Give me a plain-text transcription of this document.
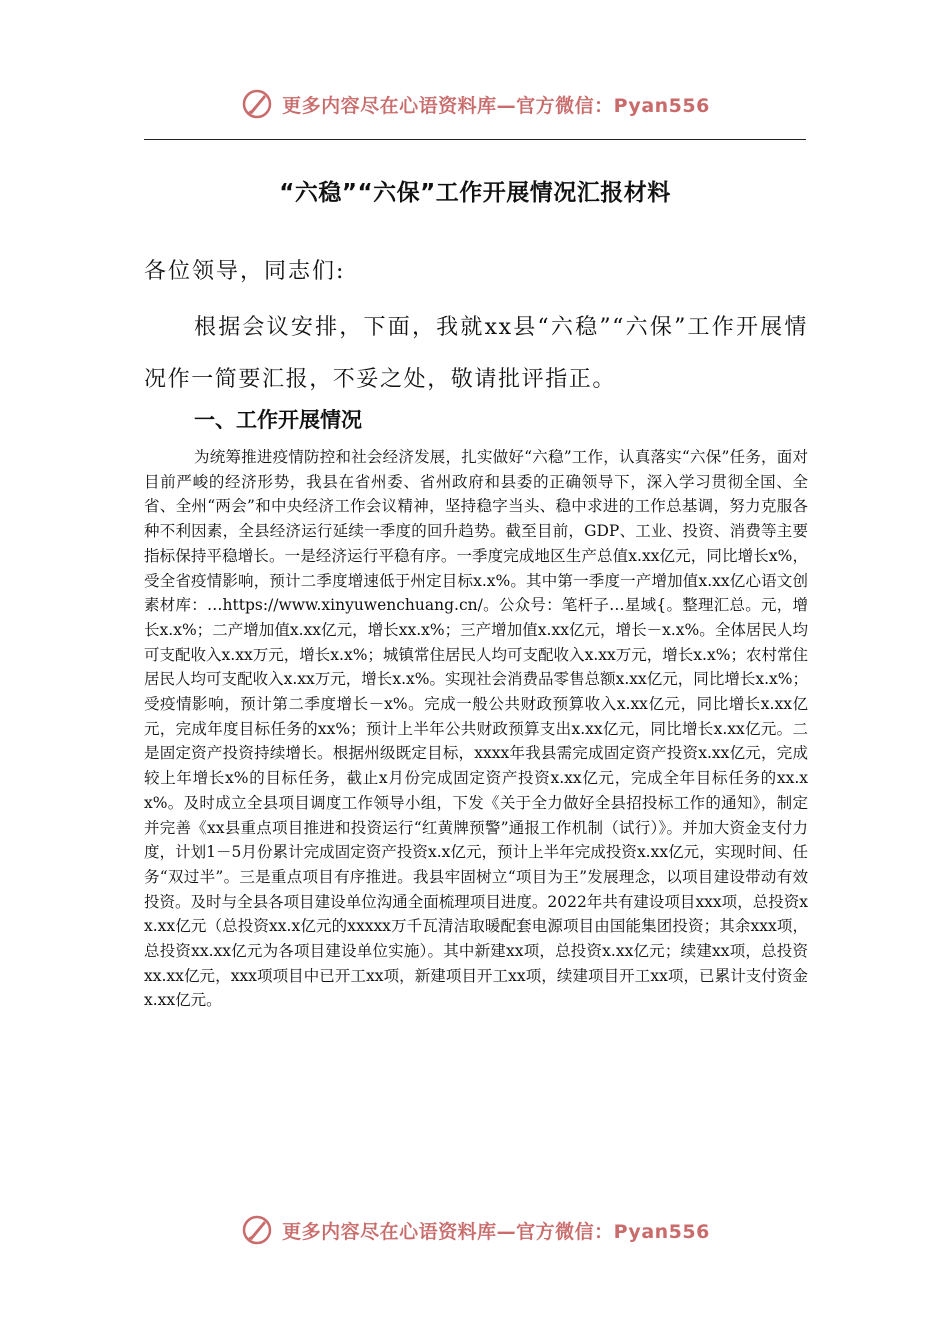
更多内容尽在心语资料库—官方微信：Pyan556
“六稳”“六保”工作开展情况汇报材料

各位领导，同志们:

根据会议安排，下面，我就xx县“六稳”“六保”工作开展情况作一简要汇报，不妥之处，敬请批评指正。

一、工作开展情况

为统筹推进疫情防控和社会经济发展，扎实做好“六稳”工作，认真落实“六保”任务，面对目前严峻的经济形势，我县在省州委、省州政府和县委的正确领导下，深入学习贯彻全国、全省、全州“两会”和中央经济工作会议精神，坚持稳字当头、稳中求进的工作总基调，努力克服各种不利因素，全县经济运行延续一季度的回升趋势。截至目前，GDP、工业、投资、消费等主要指标保持平稳增长。一是经济运行平稳有序。一季度完成地区生产总值x.xx亿元，同比增长x%，受全省疫情影响，预计二季度增速低于州定目标x.x%。其中第一季度一产增加值x.xx亿心语文创素材库：…https://www.xinyuwenchuang.cn/。公众号：笔杆子…星域{。整理汇总。元，增长x.x%；二产增加值x.xx亿元，增长xx.x%；三产增加值x.xx亿元，增长－x.x%。全体居民人均可支配收入x.xx万元，增长x.x%；城镇常住居民人均可支配收入x.xx万元，增长x.x%；农村常住居民人均可支配收入x.xx万元，增长x.x%。实现社会消费品零售总额x.xx亿元，同比增长x.x%；受疫情影响，预计第二季度增长－x%。完成一般公共财政预算收入x.xx亿元，同比增长x.xx亿元，完成年度目标任务的xx%；预计上半年公共财政预算支出x.xx亿元，同比增长x.xx亿元。二是固定资产投资持续增长。根据州级既定目标，xxxx年我县需完成固定资产投资x.xx亿元，完成较上年增长x%的目标任务，截止x月份完成固定资产投资x.xx亿元，完成全年目标任务的xx.xx%。及时成立全县项目调度工作领导小组，下发《关于全力做好全县招投标工作的通知》，制定并完善《xx县重点项目推进和投资运行“红黄牌预警”通报工作机制（试行）》。并加大资金支付力度，计划1－5月份累计完成固定资产投资x.x亿元，预计上半年完成投资x.xx亿元，实现时间、任务“双过半”。三是重点项目有序推进。我县牢固树立“项目为王”发展理念，以项目建设带动有效投资。及时与全县各项目建设单位沟通全面梳理项目进度。2022年共有建设项目xxx项，总投资xx.xx亿元（总投资xx.x亿元的xxxxx万千瓦清洁取暖配套电源项目由国能集团投资；其余xxx项，总投资xx.xx亿元为各项目建设单位实施）。其中新建xx项，总投资x.xx亿元；续建xx项，总投资xx.xx亿元，xxx项项目中已开工xx项，新建项目开工xx项，续建项目开工xx项，已累计支付资金x.xx亿元。

更多内容尽在心语资料库—官方微信：Pyan556
